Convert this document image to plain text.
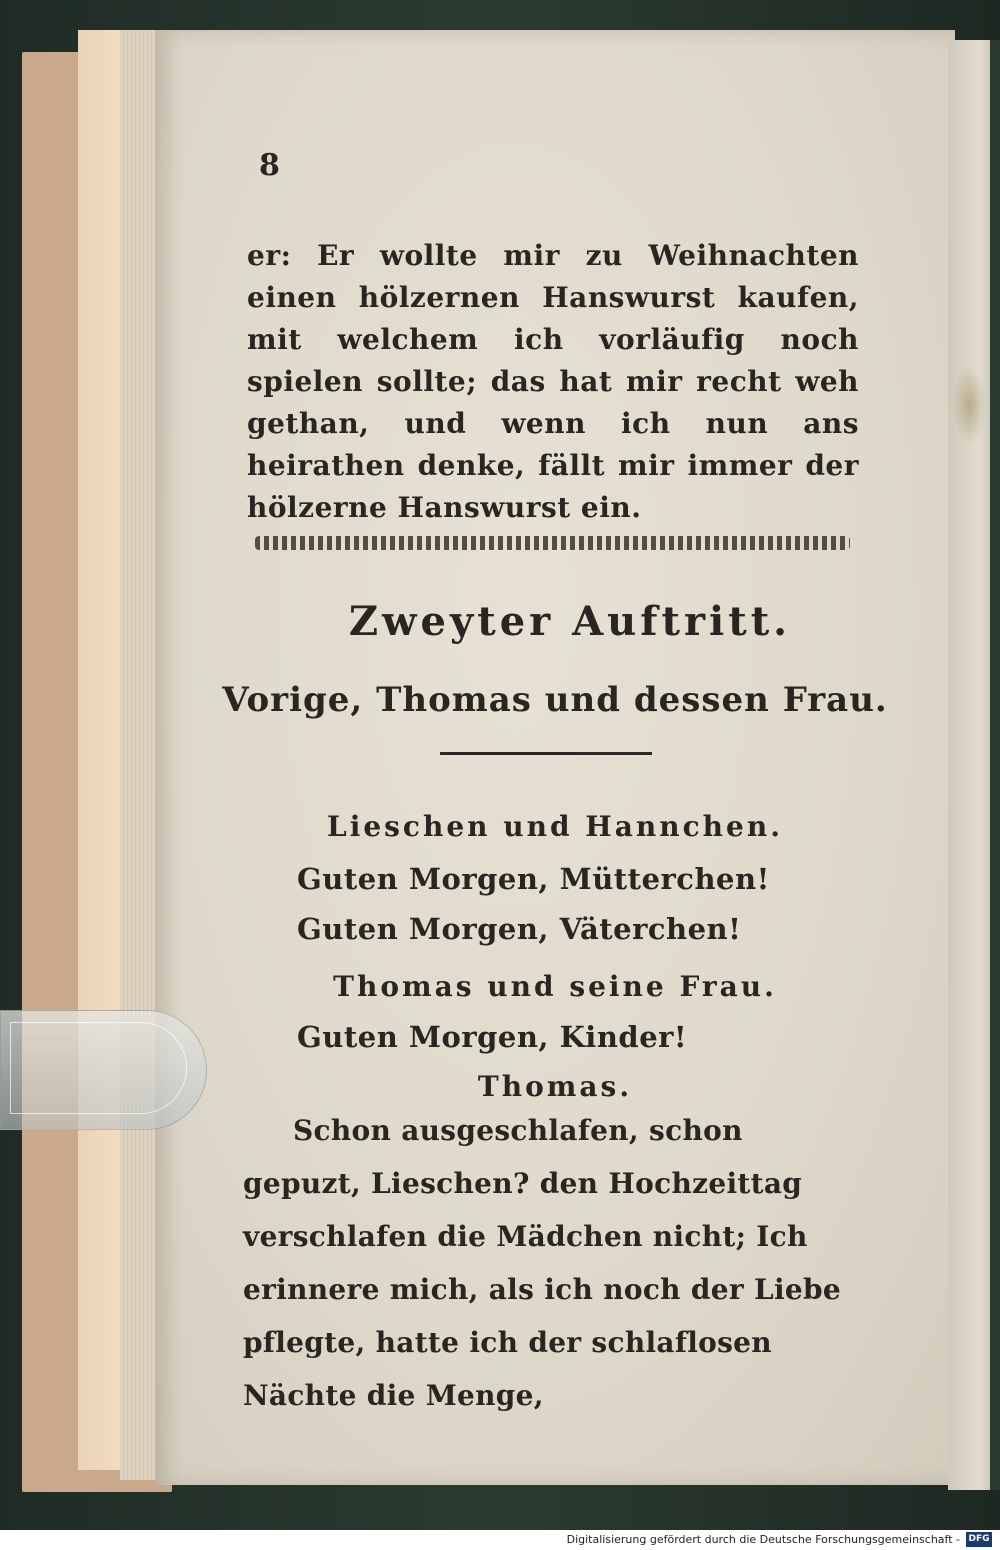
8
er: Er wollte mir zu Weihnachten einen hölzernen Hanswurst kaufen, mit welchem ich vorläufig noch spielen sollte; das hat mir recht weh gethan, und wenn ich nun ans heirathen denke, fällt mir immer der hölzerne Hanswurst ein.
Zweyter Auftritt.
Vorige, Thomas und dessen Frau.
Lieschen und Hannchen.
Guten Morgen, Mütterchen!
Guten Morgen, Väterchen!
Thomas und seine Frau.
Guten Morgen, Kinder!
Thomas.
Schon ausgeschlafen, schon gepuzt, Lieschen? den Hochzeittag verschlafen die Mädchen nicht; Ich erinnere mich, als ich noch der Liebe pflegte, hatte ich der schlaflosen Nächte die Menge,
Digitalisierung gefördert durch die Deutsche Forschungsgemeinschaft - DFG
